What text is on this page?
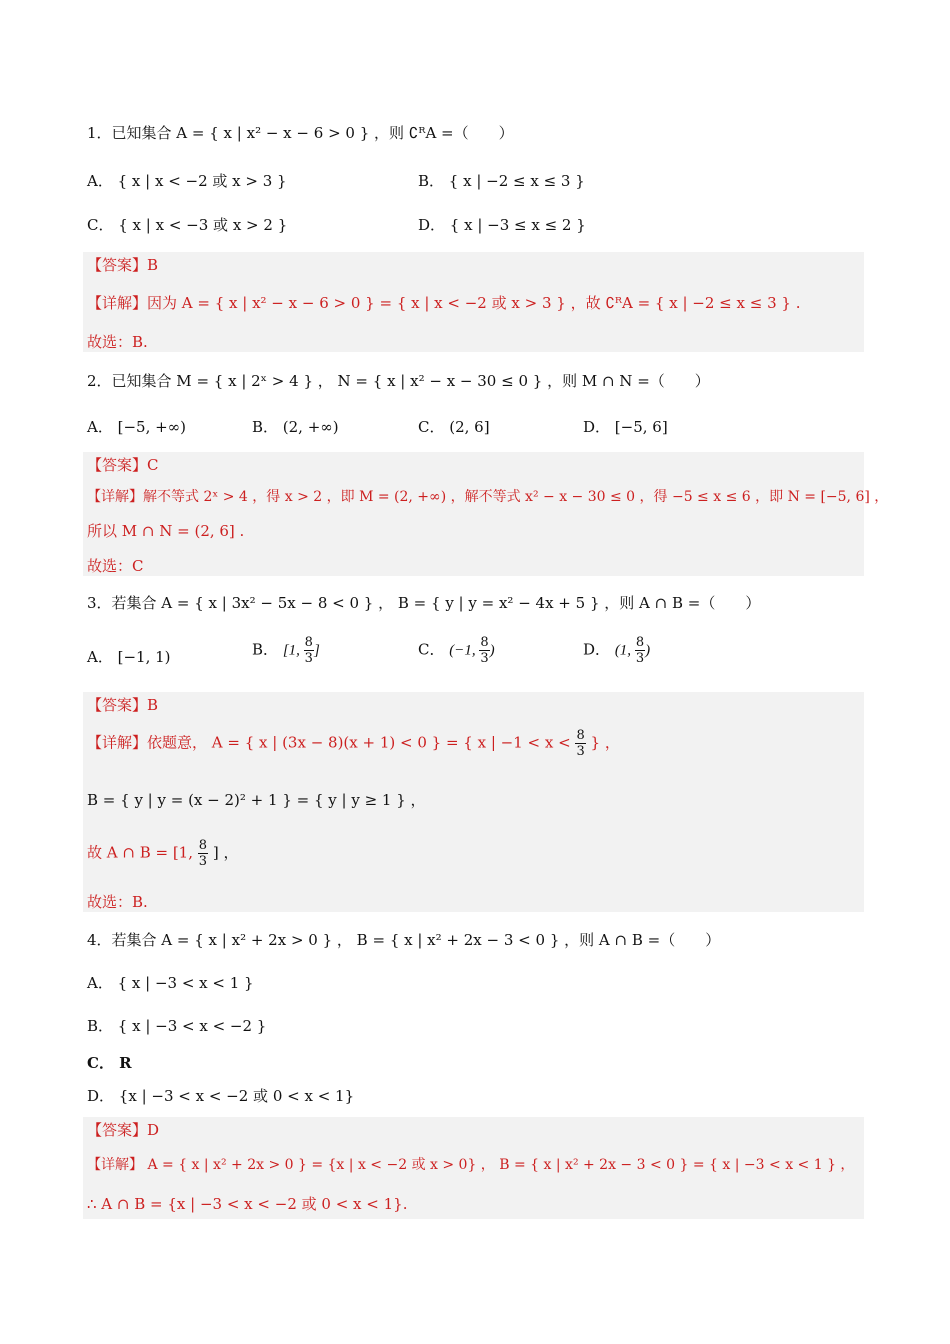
1．已知集合 A = { x | x² − x − 6 > 0 } ，则 ∁ᴿA =（　　）
A． { x | x < −2 或 x > 3 }	B． { x | −2 ≤ x ≤ 3 }
C． { x | x < −3 或 x > 2 }	D． { x | −3 ≤ x ≤ 2 }
【答案】B
【详解】因为 A = { x | x² − x − 6 > 0 } = { x | x < −2 或 x > 3 } ，故 ∁ᴿA = { x | −2 ≤ x ≤ 3 } .
故选：B.
2．已知集合 M = { x | 2ˣ > 4 } ， N = { x | x² − x − 30 ≤ 0 } ，则 M ∩ N =（　　）
A． [−5, +∞)	B． (2, +∞)	C． (2, 6]	D． [−5, 6]
【答案】C
【详解】解不等式 2ˣ > 4 ，得 x > 2 ，即 M = (2, +∞) ，解不等式 x² − x − 30 ≤ 0 ，得 −5 ≤ x ≤ 6 ，即 N = [−5, 6] ，
所以 M ∩ N = (2, 6] .
故选：C
3．若集合 A = { x | 3x² − 5x − 8 < 0 } ， B = { y | y = x² − 4x + 5 } ，则 A ∩ B =（　　）
A． [−1, 1)	B． [1, $\frac{8}{3}$ ]	C． (−1, $\frac{8}{3}$ )	D． (1, $\frac{8}{3}$ )
【答案】B
【详解】依题意， A = { x | (3x − 8)(x + 1) < 0 } = { x | $-1 < x < \frac{8}{3}$ } ，
B = { y | y = (x − 2)² + 1 } = { y | y ≥ 1 } ，
故 A ∩ B = [1, $\frac{8}{3}$ ] ，
故选：B.
4．若集合 A = { x | x² + 2x > 0 } ， B = { x | x² + 2x − 3 < 0 } ，则 A ∩ B =（　　）
A． { x | −3 < x < 1 }
B． { x | −3 < x < −2 }
C． R
D． {x | −3 < x < −2 或 0 < x < 1}
【答案】D
【详解】 A = { x | x² + 2x > 0 } = {x | x < −2 或 x > 0} ， B = { x | x² + 2x − 3 < 0 } = { x | −3 < x < 1 } ，
∴ A ∩ B = {x | −3 < x < −2 或 0 < x < 1}.
